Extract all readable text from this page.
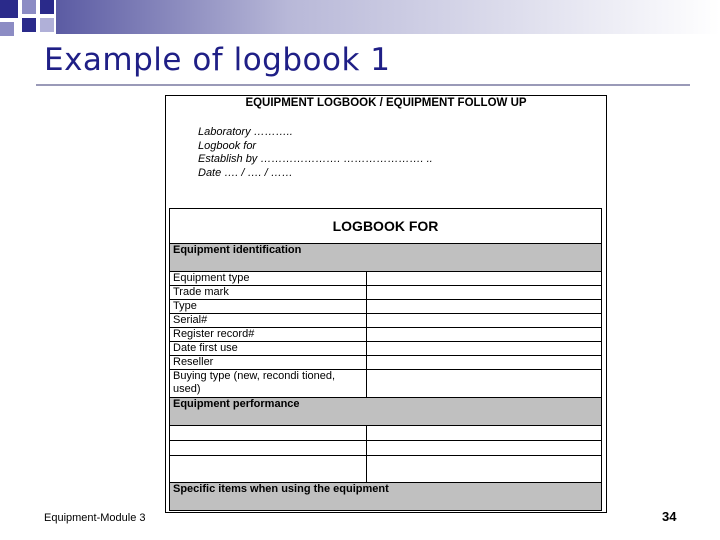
Example of logbook 1
EQUIPMENT LOGBOOK / EQUIPMENT FOLLOW UP
Laboratory ………..
Logbook for
Establish by …………………. …………………. ..
Date …. / …. / ……
LOGBOOK FOR	
Equipment identification	
Equipment type	
Trade mark	
Type	
Serial#	
Register record#	
Date first use	
Reseller	
Buying type (new, recondi tioned, used)	
Equipment performance	

Specific items when using the equipment	
Equipment-Module 3	34
